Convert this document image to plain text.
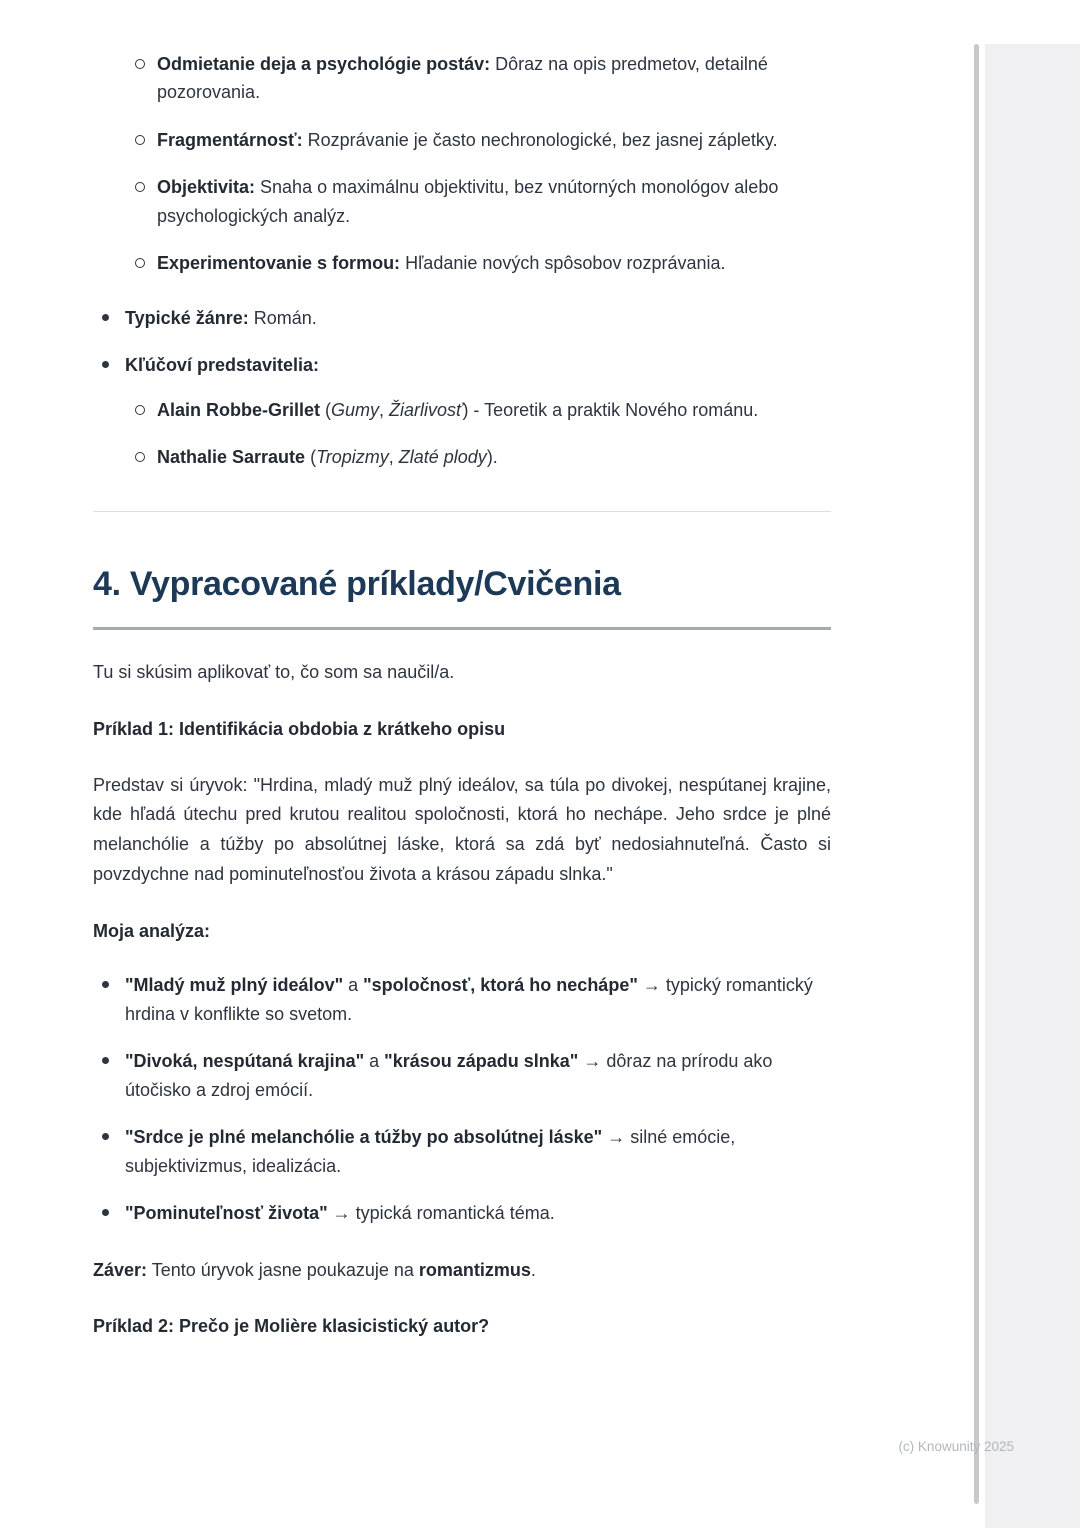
Odmietanie deja a psychológie postáv: Dôraz na opis predmetov, detailné pozorovania.

Fragmentárnosť: Rozprávanie je často nechronologické, bez jasnej zápletky.

Objektivita: Snaha o maximálnu objektivitu, bez vnútorných monológov alebo psychologických analýz.

Experimentovanie s formou: Hľadanie nových spôsobov rozprávania.

Typické žánre: Román.

Kľúčoví predstavitelia:

Alain Robbe-Grillet (Gumy, Žiarlivosť) - Teoretik a praktik Nového románu.

Nathalie Sarraute (Tropizmy, Zlaté plody).

4. Vypracované príklady/Cvičenia

Tu si skúsim aplikovať to, čo som sa naučil/a.

Príklad 1: Identifikácia obdobia z krátkeho opisu

Predstav si úryvok: "Hrdina, mladý muž plný ideálov, sa túla po divokej, nespútanej krajine, kde hľadá útechu pred krutou realitou spoločnosti, ktorá ho nechápe. Jeho srdce je plné melanchólie a túžby po absolútnej láske, ktorá sa zdá byť nedosiahnuteľná. Často si povzdychne nad pominuteľnosťou života a krásou západu slnka."

Moja analýza:

"Mladý muž plný ideálov" a "spoločnosť, ktorá ho nechápe" → typický romantický hrdina v konflikte so svetom.

"Divoká, nespútaná krajina" a "krásou západu slnka" → dôraz na prírodu ako útočisko a zdroj emócií.

"Srdce je plné melanchólie a túžby po absolútnej láske" → silné emócie, subjektivizmus, idealizácia.

"Pominuteľnosť života" → typická romantická téma.

Záver: Tento úryvok jasne poukazuje na romantizmus.

Príklad 2: Prečo je Molière klasicistický autor?

(c) Knowunity 2025
